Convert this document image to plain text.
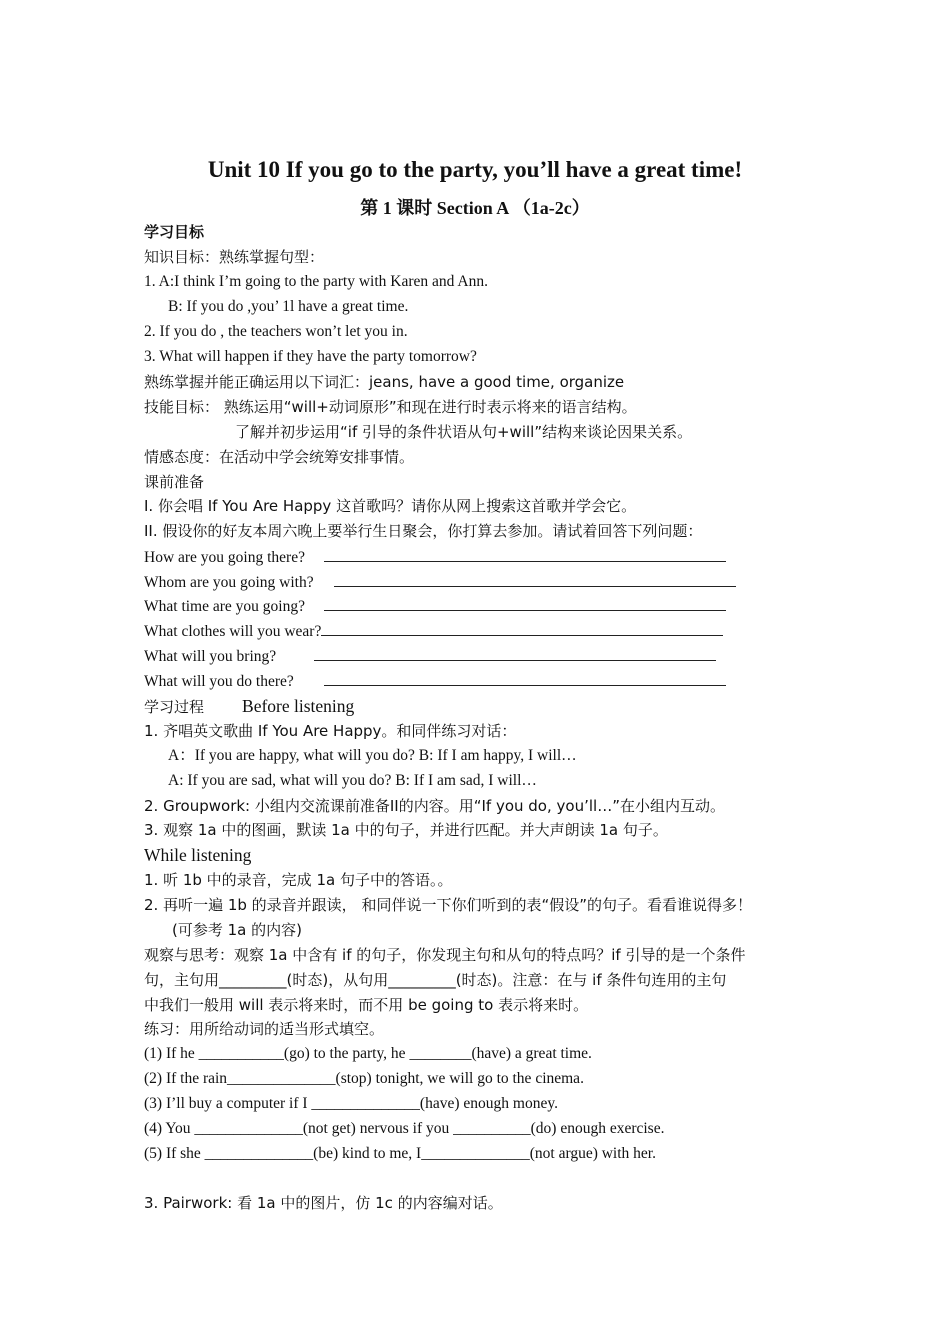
Unit 10 If you go to the party, you’ll have a great time!
第 1 课时 Section A （1a-2c）
学习目标
知识目标：熟练掌握句型：
1. A:I think I’m going to the party with Karen and Ann.
B: If you do ,you’ 1l have a great time.
2. If you do , the teachers won’t let you in.
3. What will happen if they have the party tomorrow?
熟练掌握并能正确运用以下词汇：jeans, have a good time, organize
技能目标： 熟练运用“will+动词原形”和现在进行时表示将来的语言结构。
了解并初步运用“if 引导的条件状语从句+will”结构来谈论因果关系。
情感态度：在活动中学会统筹安排事情。
课前准备
I. 你会唱 If You Are Happy 这首歌吗？请你从网上搜索这首歌并学会它。
II. 假设你的好友本周六晚上要举行生日聚会，你打算去参加。请试着回答下列问题：
How are you going there?
Whom are you going with?
What time are you going?
What clothes will you wear?
What will you bring?
What will you do there?
学习过程 Before listening
1. 齐唱英文歌曲 If You Are Happy。和同伴练习对话：
A：If you are happy, what will you do? B: If I am happy, I will…
A: If you are sad, what will you do? B: If I am sad, I will…
2. Groupwork: 小组内交流课前准备II的内容。用“If you do, you’ll…”在小组内互动。
3. 观察 1a 中的图画，默读 1a 中的句子，并进行匹配。并大声朗读 1a 句子。
While listening
1. 听 1b 中的录音，完成 1a 句子中的答语。。
2. 再听一遍 1b 的录音并跟读， 和同伴说一下你们听到的表“假设”的句子。看看谁说得多！
(可参考 1a 的内容)
观察与思考：观察 1a 中含有 if 的句子，你发现主句和从句的特点吗？if 引导的是一个条件
句，主句用_________(时态)，从句用_________(时态)。注意：在与 if 条件句连用的主句
中我们一般用 will 表示将来时，而不用 be going to 表示将来时。
练习：用所给动词的适当形式填空。
(1) If he ___________(go) to the party, he ________(have) a great time.
(2) If the rain______________(stop) tonight, we will go to the cinema.
(3) I’ll buy a computer if I ______________(have) enough money.
(4) You ______________(not get) nervous if you __________(do) enough exercise.
(5) If she ______________(be) kind to me, I______________(not argue) with her.
3. Pairwork: 看 1a 中的图片，仿 1c 的内容编对话。
